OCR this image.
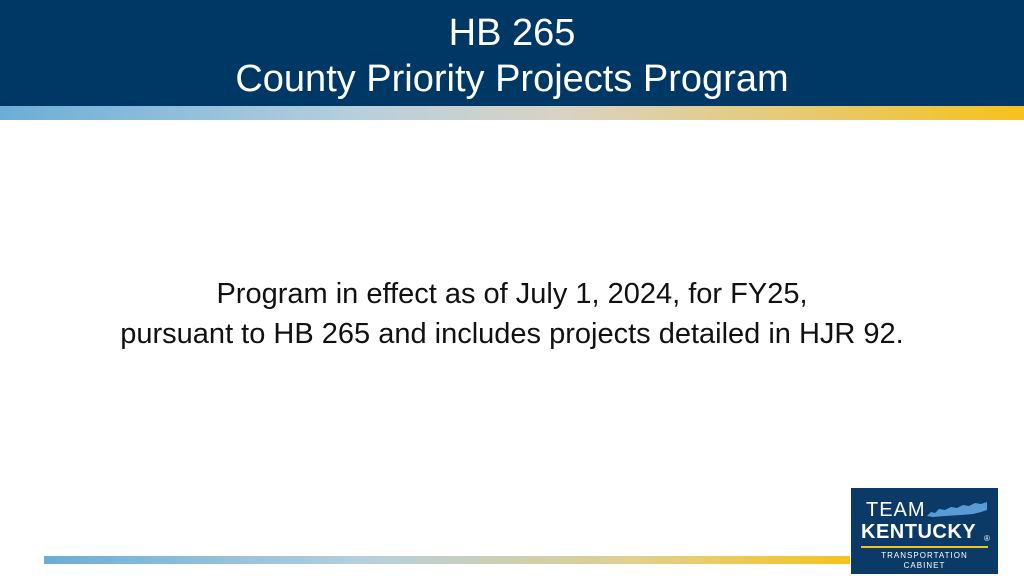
HB 265
County Priority Projects Program
Program in effect as of July 1, 2024, for FY25,
pursuant to HB 265 and includes projects detailed in HJR 92.
TEAM
KENTUCKY ®
TRANSPORTATION
CABINET
